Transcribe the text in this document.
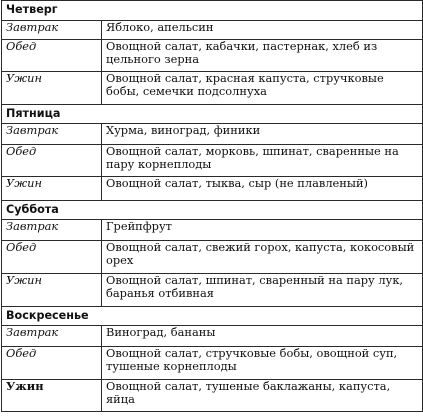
Четверг	
Завтрак	Яблоко, апельсин
Обед	Овощной салат, кабачки, пастернак, хлеб из цельного зерна
Ужин	Овощной салат, красная капуста, стручковые бобы, семечки подсолнуха
Пятница	
Завтрак	Хурма, виноград, финики
Обед	Овощной салат, морковь, шпинат, сваренные на пару корнеплоды
Ужин	Овощной салат, тыква, сыр (не плавленый)
Суббота	
Завтрак	Грейпфрут
Обед	Овощной салат, свежий горох, капуста, кокосовый орех
Ужин	Овощной салат, шпинат, сваренный на пару лук, баранья отбивная
Воскресенье	
Завтрак	Виноград, бананы
Обед	Овощной салат, стручковые бобы, овощной суп, тушеные корнеплоды
Ужин	Овощной салат, тушеные баклажаны, капуста, яйца
